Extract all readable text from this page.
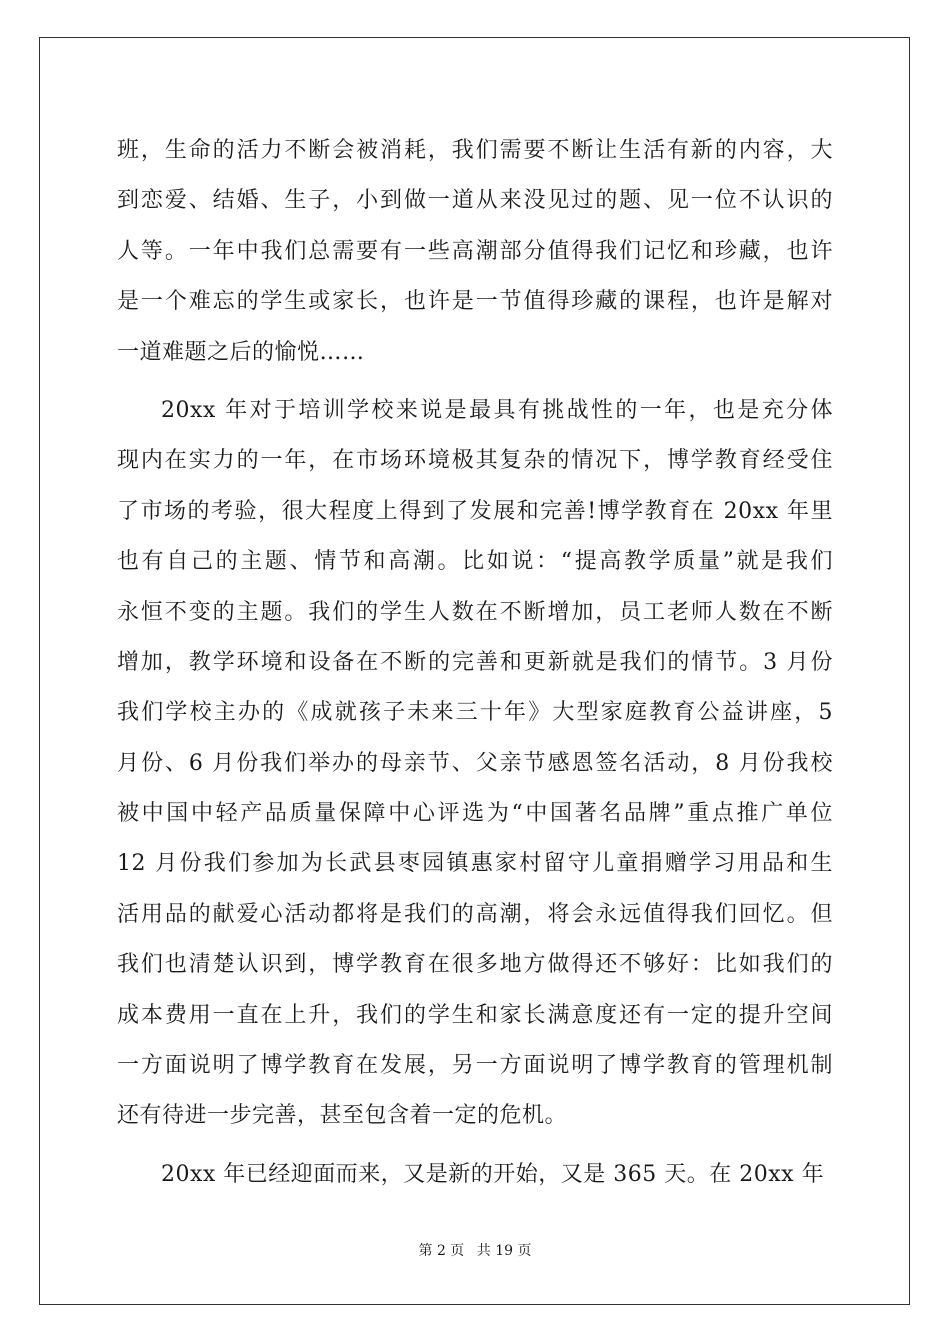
班，生命的活力不断会被消耗，我们需要不断让生活有新的内容，大
到恋爱、结婚、生子，小到做一道从来没见过的题、见一位不认识的
人等。一年中我们总需要有一些高潮部分值得我们记忆和珍藏，也许
是一个难忘的学生或家长，也许是一节值得珍藏的课程，也许是解对
一道难题之后的愉悦……
20xx 年对于培训学校来说是最具有挑战性的一年，也是充分体
现内在实力的一年，在市场环境极其复杂的情况下，博学教育经受住
了市场的考验，很大程度上得到了发展和完善!博学教育在 20xx 年里
也有自己的主题、情节和高潮。比如说：“提高教学质量”就是我们
永恒不变的主题。我们的学生人数在不断增加，员工老师人数在不断
增加，教学环境和设备在不断的完善和更新就是我们的情节。3 月份
我们学校主办的《成就孩子未来三十年》大型家庭教育公益讲座，5
月份、6 月份我们举办的母亲节、父亲节感恩签名活动，8 月份我校
被中国中轻产品质量保障中心评选为“中国著名品牌”重点推广单位
12 月份我们参加为长武县枣园镇惠家村留守儿童捐赠学习用品和生
活用品的献爱心活动都将是我们的高潮，将会永远值得我们回忆。但
我们也清楚认识到，博学教育在很多地方做得还不够好：比如我们的
成本费用一直在上升，我们的学生和家长满意度还有一定的提升空间
一方面说明了博学教育在发展，另一方面说明了博学教育的管理机制
还有待进一步完善，甚至包含着一定的危机。
20xx 年已经迎面而来，又是新的开始，又是 365 天。在 20xx 年
第 2 页 共 19 页
